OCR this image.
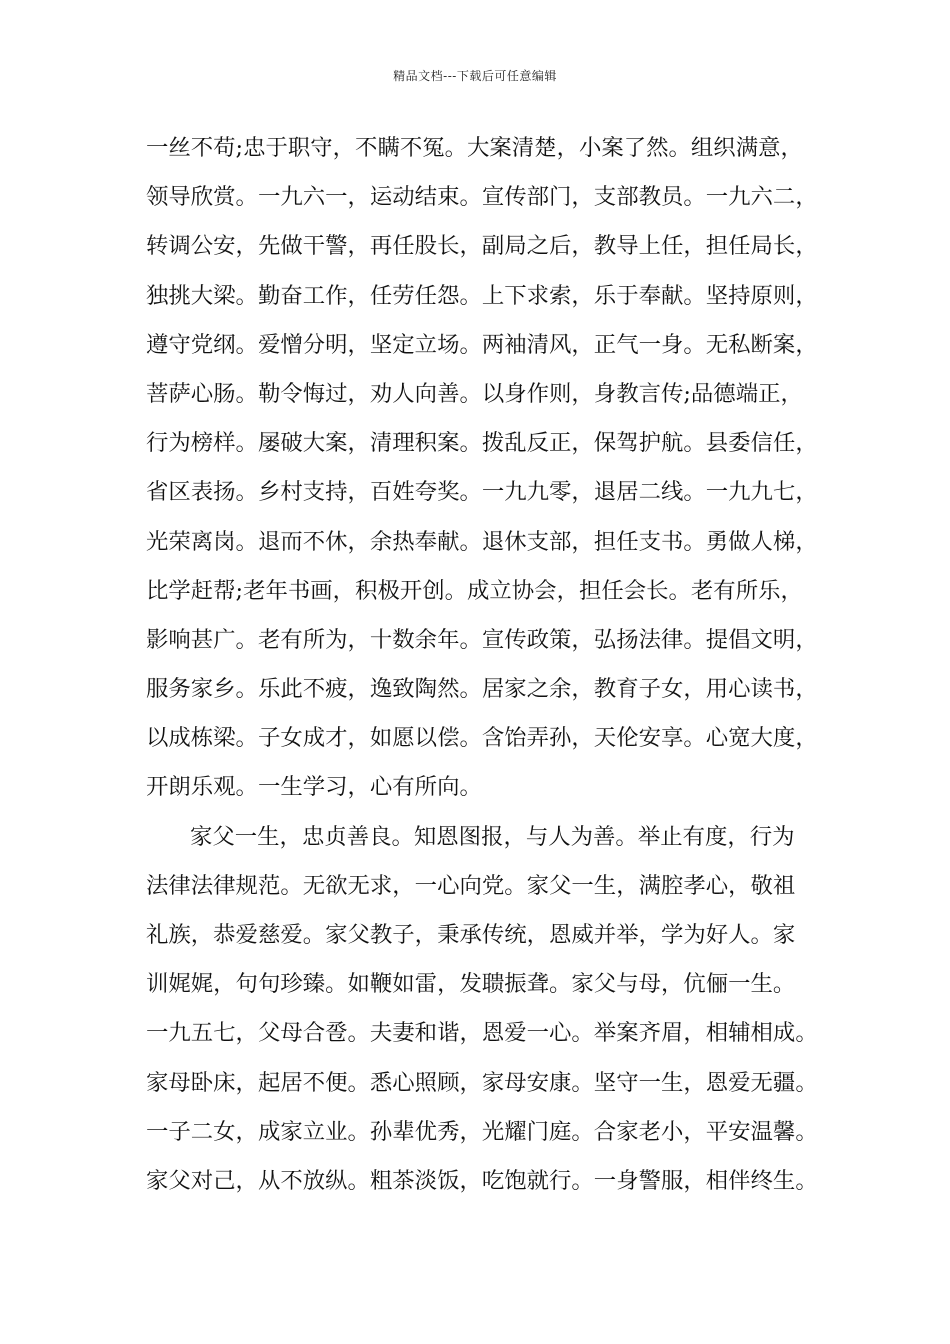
精品文档---下载后可任意编辑
一丝不苟;忠于职守，不瞒不冤。大案清楚，小案了然。组织满意，
领导欣赏。一九六一，运动结束。宣传部门，支部教员。一九六二，
转调公安，先做干警，再任股长，副局之后，教导上任，担任局长，
独挑大梁。勤奋工作，任劳任怨。上下求索，乐于奉献。坚持原则，
遵守党纲。爱憎分明，坚定立场。两袖清风，正气一身。无私断案，
菩萨心肠。勒令悔过，劝人向善。以身作则，身教言传;品德端正，
行为榜样。屡破大案，清理积案。拨乱反正，保驾护航。县委信任，
省区表扬。乡村支持，百姓夸奖。一九九零，退居二线。一九九七，
光荣离岗。退而不休，余热奉献。退休支部，担任支书。勇做人梯，
比学赶帮;老年书画，积极开创。成立协会，担任会长。老有所乐，
影响甚广。老有所为，十数余年。宣传政策，弘扬法律。提倡文明，
服务家乡。乐此不疲，逸致陶然。居家之余，教育子女，用心读书，
以成栋梁。子女成才，如愿以偿。含饴弄孙，天伦安享。心宽大度，
开朗乐观。一生学习，心有所向。
家父一生，忠贞善良。知恩图报，与人为善。举止有度，行为
法律法律规范。无欲无求，一心向党。家父一生，满腔孝心，敬祖
礼族，恭爱慈爱。家父教子，秉承传统，恩威并举，学为好人。家
训娓娓，句句珍臻。如鞭如雷，发聩振聋。家父与母，伉俪一生。
一九五七，父母合卺。夫妻和谐，恩爱一心。举案齐眉，相辅相成。
家母卧床，起居不便。悉心照顾，家母安康。坚守一生，恩爱无疆。
一子二女，成家立业。孙辈优秀，光耀门庭。合家老小，平安温馨。
家父对己，从不放纵。粗茶淡饭，吃饱就行。一身警服，相伴终生。
